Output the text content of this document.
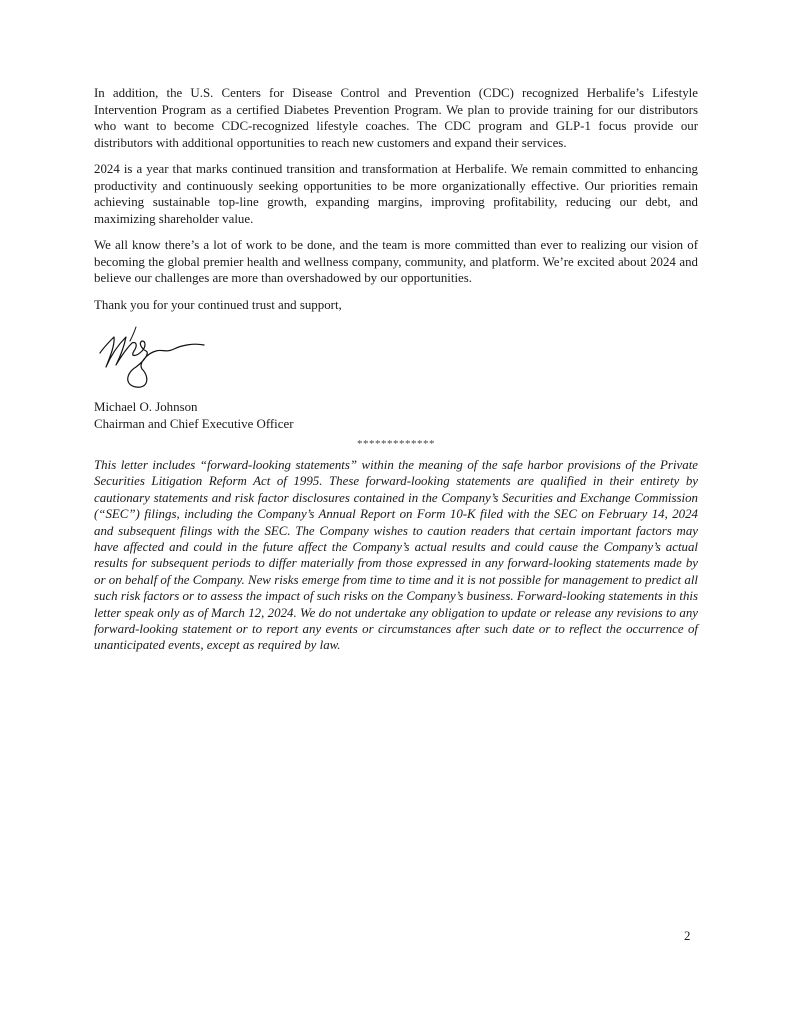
In addition, the U.S. Centers for Disease Control and Prevention (CDC) recognized Herbalife’s Lifestyle Intervention Program as a certified Diabetes Prevention Program. We plan to provide training for our distributors who want to become CDC-recognized lifestyle coaches. The CDC program and GLP-1 focus provide our distributors with additional opportunities to reach new customers and expand their services.

2024 is a year that marks continued transition and transformation at Herbalife. We remain committed to enhancing productivity and continuously seeking opportunities to be more organizationally effective. Our priorities remain achieving sustainable top-line growth, expanding margins, improving profitability, reducing our debt, and maximizing shareholder value.

We all know there’s a lot of work to be done, and the team is more committed than ever to realizing our vision of becoming the global premier health and wellness company, community, and platform. We’re excited about 2024 and believe our challenges are more than overshadowed by our opportunities.

Thank you for your continued trust and support,

Michael O. Johnson

Chairman and Chief Executive Officer

*************

This letter includes “forward-looking statements” within the meaning of the safe harbor provisions of the Private Securities Litigation Reform Act of 1995. These forward-looking statements are qualified in their entirety by cautionary statements and risk factor disclosures contained in the Company’s Securities and Exchange Commission (“SEC”) filings, including the Company’s Annual Report on Form 10-K filed with the SEC on February 14, 2024 and subsequent filings with the SEC. The Company wishes to caution readers that certain important factors may have affected and could in the future affect the Company’s actual results and could cause the Company’s actual results for subsequent periods to differ materially from those expressed in any forward-looking statements made by or on behalf of the Company. New risks emerge from time to time and it is not possible for management to predict all such risk factors or to assess the impact of such risks on the Company’s business. Forward-looking statements in this letter speak only as of March 12, 2024. We do not undertake any obligation to update or release any revisions to any forward-looking statement or to report any events or circumstances after such date or to reflect the occurrence of unanticipated events, except as required by law.

2
